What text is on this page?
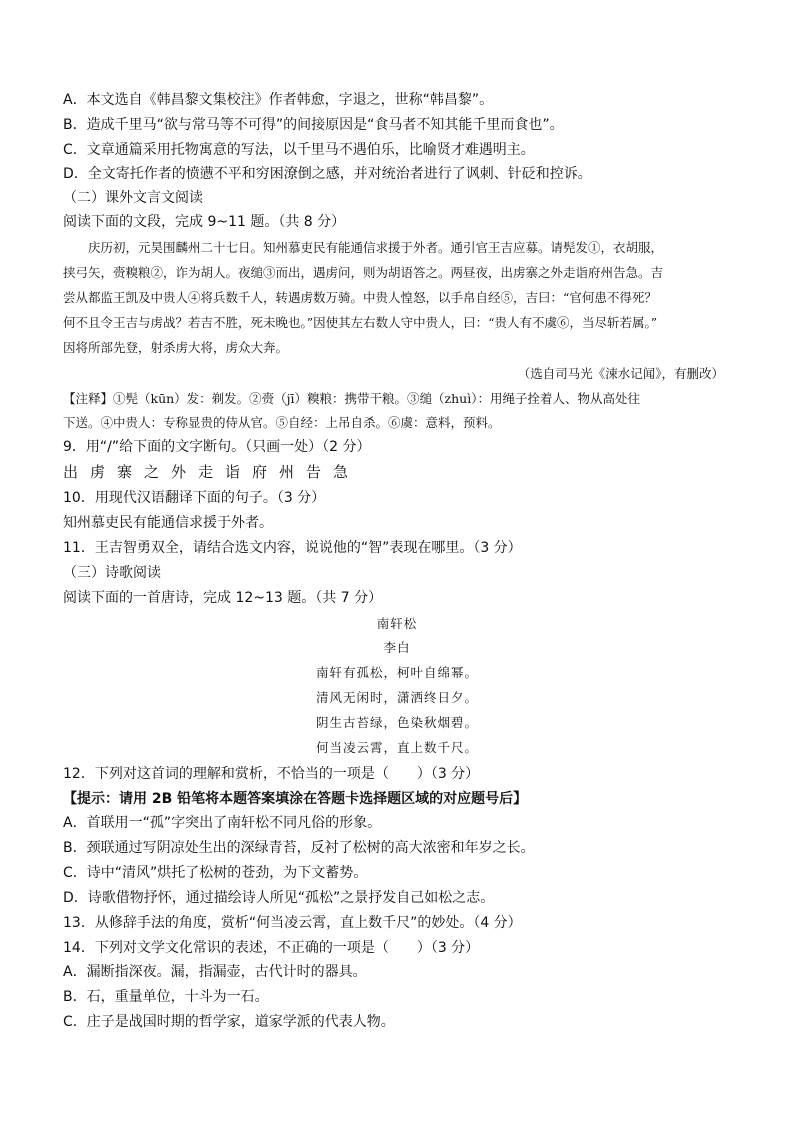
A．本文选自《韩昌黎文集校注》作者韩愈，字退之，世称“韩昌黎”。
B．造成千里马“欲与常马等不可得”的间接原因是“食马者不知其能千里而食也”。
C．文章通篇采用托物寓意的写法，以千里马不遇伯乐，比喻贤才难遇明主。
D．全文寄托作者的愤懑不平和穷困潦倒之感，并对统治者进行了讽刺、针砭和控诉。
（二）课外文言文阅读
阅读下面的文段，完成 9~11 题。（共 8 分）
庆历初，元昊围麟州二十七日。知州慕吏民有能通信求援于外者。通引官王吉应募。请髡发①，衣胡服，
挟弓矢，赍糗粮②，诈为胡人。夜缒③而出，遇虏问，则为胡语答之。两昼夜，出虏寨之外走诣府州告急。吉
尝从都监王凯及中贵人④将兵数千人，转遇虏数万骑。中贵人惶怒，以手帛自经⑤，吉曰：“官何患不得死？
何不且令王吉与虏战？若吉不胜，死未晚也。”因使其左右数人守中贵人，曰：“贵人有不虞⑥，当尽斩若属。”
因将所部先登，射杀虏大将，虏众大奔。
（选自司马光《涑水记闻》，有删改）
【注释】①髡（kūn）发：剃发。②赍（jī）糗粮：携带干粮。③缒（zhuì）：用绳子拴着人、物从高处往
下送。④中贵人：专称显贵的侍从官。⑤自经：上吊自杀。⑥虞：意料，预料。
9．用“/”给下面的文字断句。（只画一处）（2 分）
出虏寨之外走诣府州告急
10．用现代汉语翻译下面的句子。（3 分）
知州慕吏民有能通信求援于外者。
11．王吉智勇双全，请结合选文内容，说说他的“智”表现在哪里。（3 分）
（三）诗歌阅读
阅读下面的一首唐诗，完成 12~13 题。（共 7 分）
南轩松
李白
南轩有孤松，柯叶自绵幂。
清风无闲时，潇洒终日夕。
阴生古苔绿，色染秋烟碧。
何当凌云霄，直上数千尺。
12．下列对这首词的理解和赏析，不恰当的一项是（　　）（3 分）
【提示：请用 2B 铅笔将本题答案填涂在答题卡选择题区域的对应题号后】
A．首联用一“孤”字突出了南轩松不同凡俗的形象。
B．颈联通过写阴凉处生出的深绿青苔，反衬了松树的高大浓密和年岁之长。
C．诗中“清风”烘托了松树的苍劲，为下文蓄势。
D．诗歌借物抒怀，通过描绘诗人所见“孤松”之景抒发自己如松之志。
13．从修辞手法的角度，赏析“何当凌云霄，直上数千尺”的妙处。（4 分）
14．下列对文学文化常识的表述，不正确的一项是（　　）（3 分）
A．漏断指深夜。漏，指漏壶，古代计时的器具。
B．石，重量单位，十斗为一石。
C．庄子是战国时期的哲学家，道家学派的代表人物。
